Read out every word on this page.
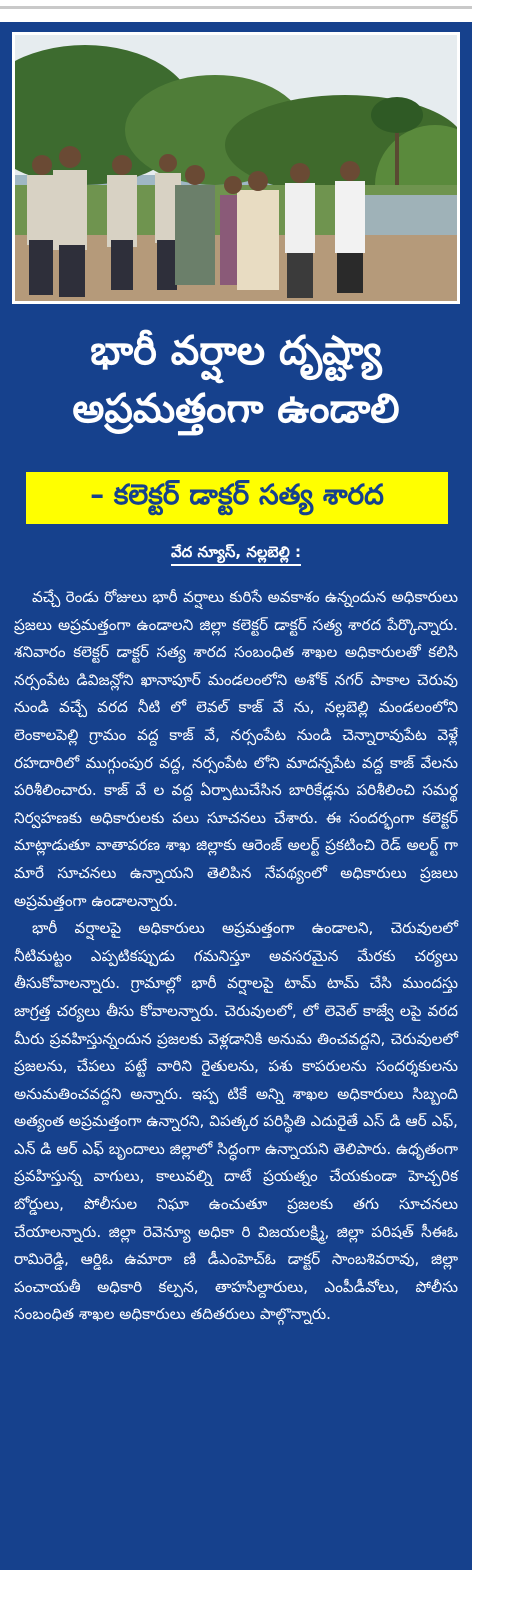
భారీ వర్షాల దృష్ట్యా
అప్రమత్తంగా ఉండాలి
– కలెక్టర్ డాక్టర్ సత్య శారద
వేద న్యూస్, నల్లబెల్లి :

వచ్చే రెండు రోజులు భారీ వర్షాలు కురిసే అవకాశం ఉన్నందున అధికారులు ప్రజలు అప్రమత్తంగా ఉండాలని జిల్లా కలెక్టర్ డాక్టర్ సత్య శారద పేర్కొన్నారు. శనివారం కలెక్టర్ డాక్టర్ సత్య శారద సంబంధిత శాఖల అధికారులతో కలిసి నర్సంపేట డివిజన్లోని ఖానాపూర్ మండలంలోని అశోక్ నగర్ పాకాల చెరువు నుండి వచ్చే వరద నీటి లో లెవల్ కాజ్ వే ను, నల్లబెల్లి మండలంలోని లెంకాలపెల్లి గ్రామం వద్ద కాజ్ వే, నర్సంపేట నుండి చెన్నారావుపేట వెళ్లే రహదారిలో ముగ్గుంపుర వద్ద, నర్సంపేట లోని మాదన్నపేట వద్ద కాజ్ వేలను పరిశీలించారు. కాజ్ వే ల వద్ద ఏర్పాటుచేసిన బారికేడ్లను పరిశీలించి సమర్థ నిర్వహణకు అధికారులకు పలు సూచనలు చేశారు. ఈ సందర్భంగా కలెక్టర్ మాట్లాడుతూ వాతావరణ శాఖ జిల్లాకు ఆరెంజ్ అలర్ట్ ప్రకటించి రెడ్ అలర్ట్ గా మారే సూచనలు ఉన్నాయని తెలిపిన నేపథ్యంలో అధికారులు ప్రజలు అప్రమత్తంగా ఉండాలన్నారు.

భారీ వర్షాలపై అధికారులు అప్రమత్తంగా ఉండాలని, చెరువులలో నీటిమట్టం ఎప్పటికప్పుడు గమనిస్తూ అవసరమైన మేరకు చర్యలు తీసుకోవాలన్నారు. గ్రామాల్లో భారీ వర్షాలపై టామ్ టామ్ చేసి ముందస్తు జాగ్రత్త చర్యలు తీసు కోవాలన్నారు. చెరువులలో, లో లెవెల్ కాజ్వే లపై వరద మీరు ప్రవహిస్తున్నందున ప్రజలకు వెళ్లడానికి అనుమ తించవద్దని, చెరువులలో ప్రజలను, చేపలు పట్టే వారిని రైతులను, పశు కాపరులను సందర్శకులను అనుమతించవద్దని అన్నారు. ఇప్ప టికే అన్ని శాఖల అధికారులు సిబ్బంది అత్యంత అప్రమత్తంగా ఉన్నారని, విపత్కర పరిస్థితి ఎదురైతే ఎస్ డి ఆర్ ఎఫ్, ఎన్ డి ఆర్ ఎఫ్ బృందాలు జిల్లాలో సిద్ధంగా ఉన్నాయని తెలిపారు. ఉధృతంగా ప్రవహిస్తున్న వాగులు, కాలువల్ని దాటే ప్రయత్నం చేయకుండా హెచ్చరిక బోర్డులు, పోలీసుల నిఘా ఉంచుతూ ప్రజలకు తగు సూచనలు చేయాలన్నారు. జిల్లా రెవెన్యూ అధికా రి విజయలక్ష్మి, జిల్లా పరిషత్ సీఈఓ రామిరెడ్డి, ఆర్డిఓ ఉమారా ణి డీఎంహెచ్ఓ డాక్టర్ సాంబశివరావు, జిల్లా పంచాయతీ అధికారి కల్పన, తాహసిల్దారులు, ఎంపీడీవోలు, పోలీసు సంబంధిత శాఖల అధికారులు తదితరులు పాల్గొన్నారు.
